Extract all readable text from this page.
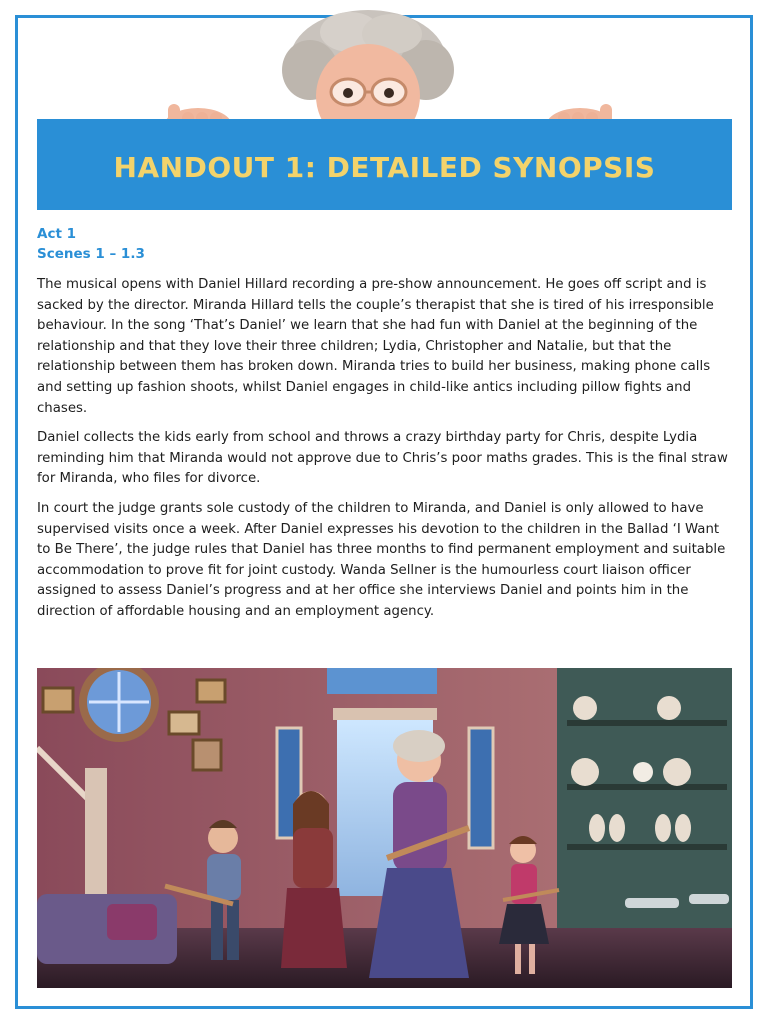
HANDOUT 1: DETAILED SYNOPSIS
Act 1
Scenes 1 – 1.3

The musical opens with Daniel Hillard recording a pre-show announcement. He goes off script and is sacked by the director. Miranda Hillard tells the couple’s therapist that she is tired of his irresponsible behaviour. In the song ‘That’s Daniel’ we learn that she had fun with Daniel at the beginning of the relationship and that they love their three children; Lydia, Christopher and Natalie, but that the relationship between them has broken down. Miranda tries to build her business, making phone calls and setting up fashion shoots, whilst Daniel engages in child-like antics including pillow fights and chases.

Daniel collects the kids early from school and throws a crazy birthday party for Chris, despite Lydia reminding him that Miranda would not approve due to Chris’s poor maths grades. This is the final straw for Miranda, who files for divorce.

In court the judge grants sole custody of the children to Miranda, and Daniel is only allowed to have supervised visits once a week. After Daniel expresses his devotion to the children in the Ballad ‘I Want to Be There’, the judge rules that Daniel has three months to find permanent employment and suitable accommodation to prove fit for joint custody. Wanda Sellner is the humourless court liaison officer assigned to assess Daniel’s progress and at her office she interviews Daniel and points him in the direction of affordable housing and an employment agency.
